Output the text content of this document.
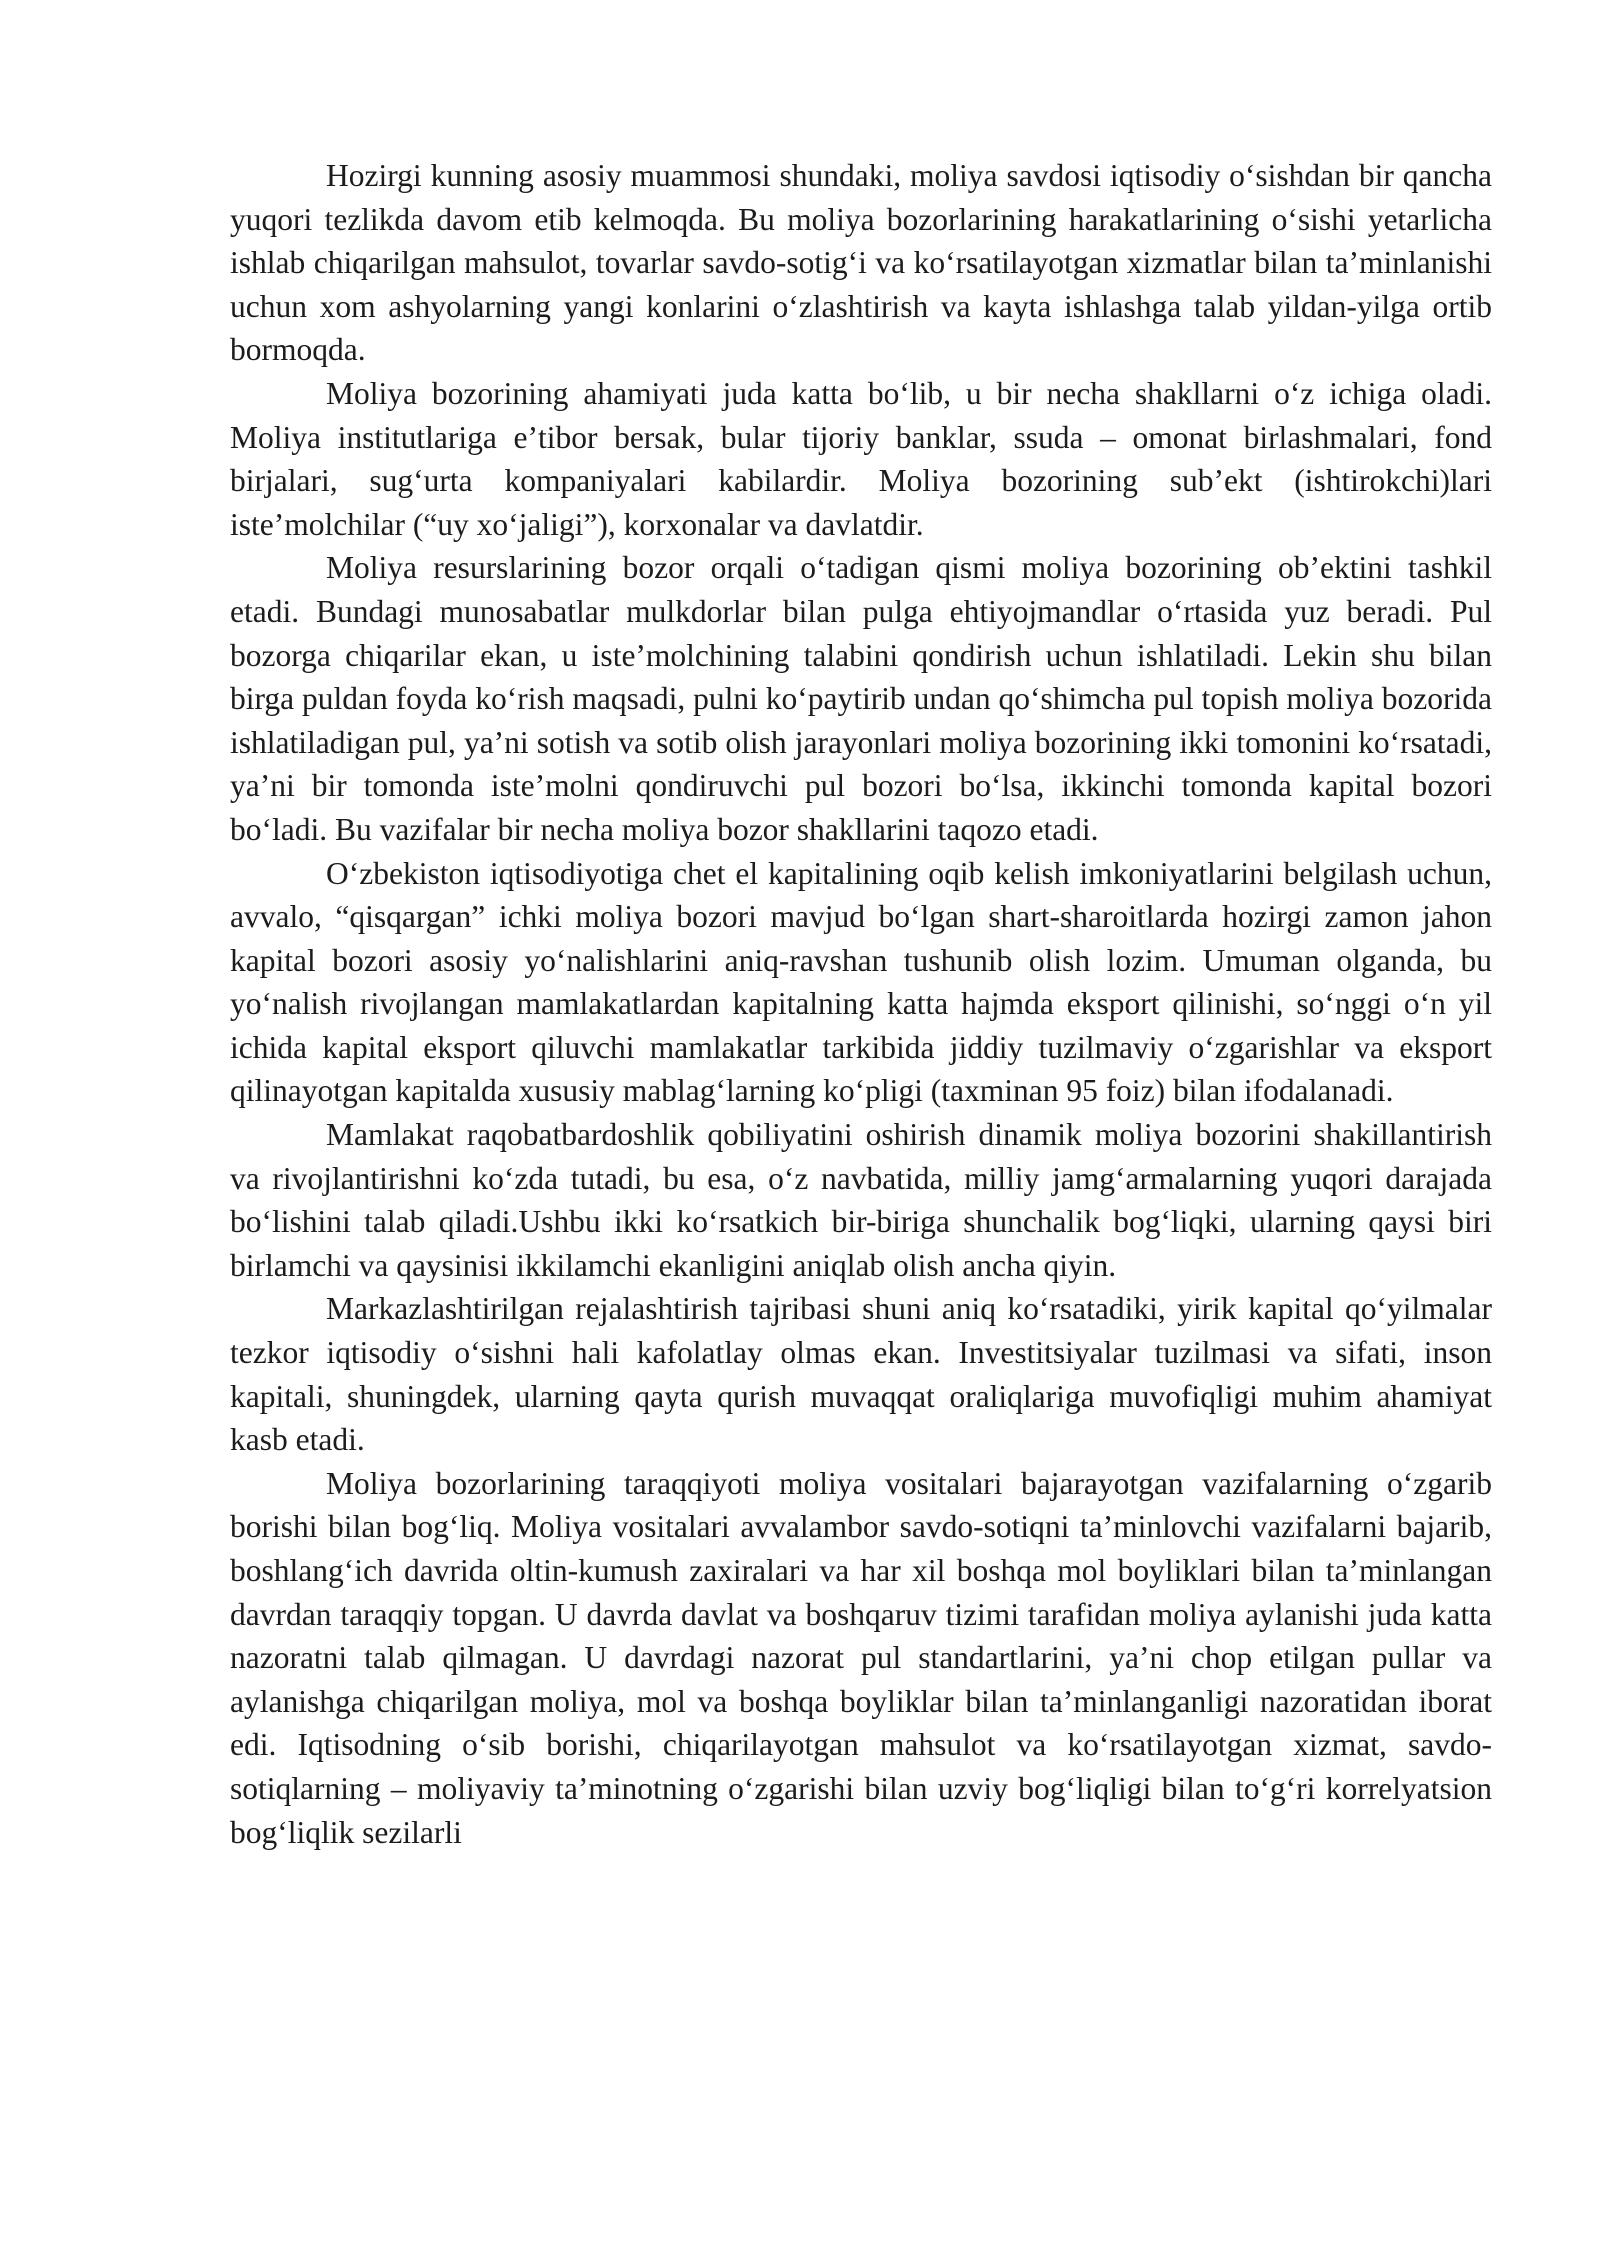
Hozirgi kunning asosiy muammosi shundaki, moliya savdosi iqtisodiy oʻsishdan bir qancha yuqori tezlikda davom etib kelmoqda. Bu moliya bozorlarining harakatlarining oʻsishi yetarlicha ishlab chiqarilgan mahsulot, tovarlar savdo-sotigʻi va koʻrsatilayotgan xizmatlar bilan taʼminlanishi uchun xom ashyolarning yangi konlarini oʻzlashtirish va kayta ishlashga talab yildan-yilga ortib bormoqda.

Moliya bozorining ahamiyati juda katta boʻlib, u bir necha shakllarni oʻz ichiga oladi. Moliya institutlariga eʼtibor bersak, bular tijoriy banklar, ssuda – omonat birlashmalari, fond birjalari, sugʻurta kompaniyalari kabilardir. Moliya bozorining subʼekt (ishtirokchi)lari isteʼmolchilar (“uy xoʻjaligi”), korxonalar va davlatdir.

Moliya resurslarining bozor orqali oʻtadigan qismi moliya bozorining obʼektini tashkil etadi. Bundagi munosabatlar mulkdorlar bilan pulga ehtiyojmandlar oʻrtasida yuz beradi. Pul bozorga chiqarilar ekan, u isteʼmolchining talabini qondirish uchun ishlatiladi. Lekin shu bilan birga puldan foyda koʻrish maqsadi, pulni koʻpaytirib undan qoʻshimcha pul topish moliya bozorida ishlatiladigan pul, yaʼni sotish va sotib olish jarayonlari moliya bozorining ikki tomonini koʻrsatadi, yaʼni bir tomonda isteʼmolni qondiruvchi pul bozori boʻlsa, ikkinchi tomonda kapital bozori boʻladi. Bu vazifalar bir necha moliya bozor shakllarini taqozo etadi.

Oʻzbekiston iqtisodiyotiga chet el kapitalining oqib kelish imkoniyatlarini belgilash uchun, avvalo, “qisqargan” ichki moliya bozori mavjud boʻlgan shart-sharoitlarda hozirgi zamon jahon kapital bozori asosiy yoʻnalishlarini aniq-ravshan tushunib olish lozim. Umuman olganda, bu yoʻnalish rivojlangan mamlakatlardan kapitalning katta hajmda eksport qilinishi, soʻnggi oʻn yil ichida kapital eksport qiluvchi mamlakatlar tarkibida jiddiy tuzilmaviy oʻzgarishlar va eksport qilinayotgan kapitalda xususiy mablagʻlarning koʻpligi (taxminan 95 foiz) bilan ifodalanadi.

Mamlakat raqobatbardoshlik qobiliyatini oshirish dinamik moliya bozorini shakillantirish va rivojlantirishni koʻzda tutadi, bu esa, oʻz navbatida, milliy jamgʻarmalarning yuqori darajada boʻlishini talab qiladi.Ushbu ikki koʻrsatkich bir-biriga shunchalik bogʻliqki, ularning qaysi biri birlamchi va qaysinisi ikkilamchi ekanligini aniqlab olish ancha qiyin.

Markazlashtirilgan rejalashtirish tajribasi shuni aniq koʻrsatadiki, yirik kapital qoʻyilmalar tezkor iqtisodiy oʻsishni hali kafolatlay olmas ekan. Investitsiyalar tuzilmasi va sifati, inson kapitali, shuningdek, ularning qayta qurish muvaqqat oraliqlariga muvofiqligi muhim ahamiyat kasb etadi.

Moliya bozorlarining taraqqiyoti moliya vositalari bajarayotgan vazifalarning oʻzgarib borishi bilan bogʻliq. Moliya vositalari avvalambor savdo-sotiqni taʼminlovchi vazifalarni bajarib, boshlangʻich davrida oltin-kumush zaxiralari va har xil boshqa mol boyliklari bilan taʼminlangan davrdan taraqqiy topgan. U davrda davlat va boshqaruv tizimi tarafidan moliya aylanishi juda katta nazoratni talab qilmagan. U davrdagi nazorat pul standartlarini, yaʼni chop etilgan pullar va aylanishga chiqarilgan moliya, mol va boshqa boyliklar bilan taʼminlanganligi nazoratidan iborat edi. Iqtisodning oʻsib borishi, chiqarilayotgan mahsulot va koʻrsatilayotgan xizmat, savdo-sotiqlarning – moliyaviy taʼminotning oʻzgarishi bilan uzviy bogʻliqligi bilan toʻgʻri korrelyatsion bogʻliqlik sezilarli
